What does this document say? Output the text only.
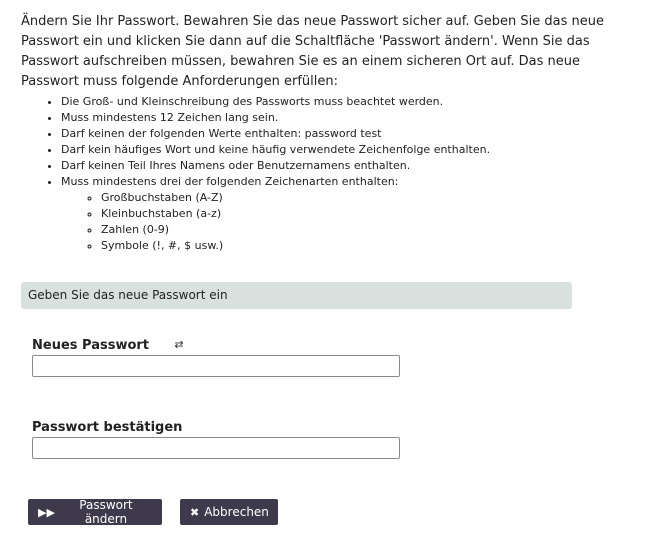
Ändern Sie Ihr Passwort. Bewahren Sie das neue Passwort sicher auf. Geben Sie das neue Passwort ein und klicken Sie dann auf die Schaltfläche 'Passwort ändern'. Wenn Sie das Passwort aufschreiben müssen, bewahren Sie es an einem sicheren Ort auf. Das neue Passwort muss folgende Anforderungen erfüllen:

• Die Groß- und Kleinschreibung des Passworts muss beachtet werden.
• Muss mindestens 12 Zeichen lang sein.
• Darf keinen der folgenden Werte enthalten: password test
• Darf kein häufiges Wort und keine häufig verwendete Zeichenfolge enthalten.
• Darf keinen Teil Ihres Namens oder Benutzernamens enthalten.
• Muss mindestens drei der folgenden Zeichenarten enthalten:
◦ Großbuchstaben (A-Z)
◦ Kleinbuchstaben (a-z)
◦ Zahlen (0-9)
◦ Symbole (!, #, $ usw.)
Geben Sie das neue Passwort ein
Neues Passwort ⇄
Passwort bestätigen
▶▶	Passwort ändern	✖ Abbrechen
